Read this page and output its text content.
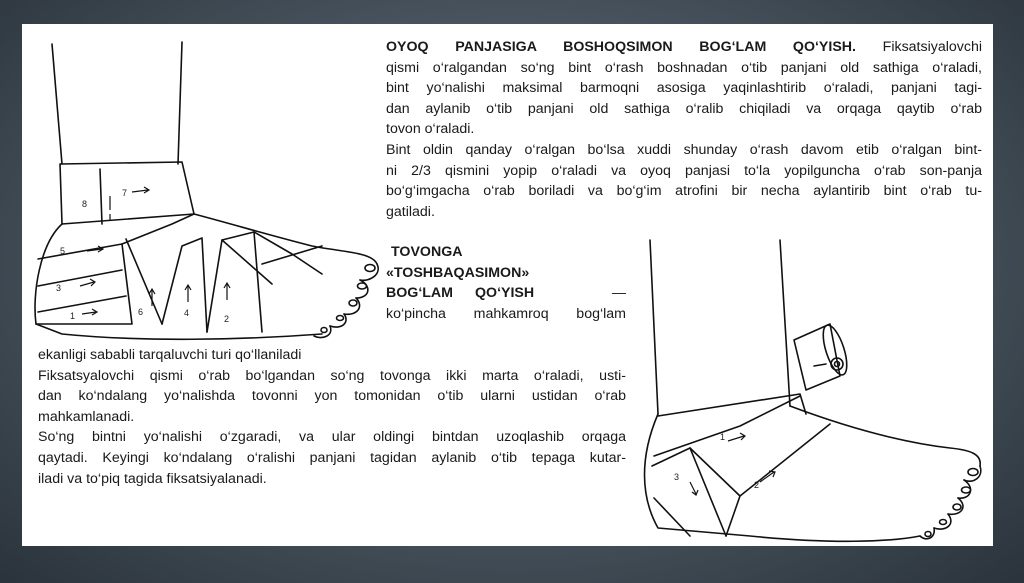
8
7
5
3
1	6	4
2
1
2
3
OYOQ PANJASIGA BOSHOQSIMON BOG‘LAM QO‘YISH. Fiksatsiyalovchi
qismi o‘ralgandan so‘ng bint o‘rash boshnadan o‘tib panjani old sathiga o‘raladi,
bint yo‘nalishi maksimal barmoqni asosiga yaqinlashtirib o‘raladi, panjani tagi-
dan aylanib o‘tib panjani old sathiga o‘ralib chiqiladi va orqaga qaytib o‘rab
tovon o‘raladi.
Bint oldin qanday o‘ralgan bo‘lsa xuddi shunday o‘rash davom etib o‘ralgan bint-
ni 2/3 qismini yopip o‘raladi va oyoq panjasi to‘la yopilguncha o‘rab son-panja
bo‘g‘imgacha o‘rab boriladi va bo‘g‘im atrofini bir necha aylantirib bint o‘rab tu-
gatiladi.
TOVONGA
«TOSHBAQASIMON»
BOG‘LAM QO‘YISH	—
ko‘pincha mahkamroq bog‘lam
ekanligi sababli tarqaluvchi turi qo‘llaniladi
Fiksatsyalovchi qismi o‘rab bo‘lgandan so‘ng tovonga ikki marta o‘raladi, usti-
dan ko‘ndalang yo‘nalishda tovonni yon tomonidan o‘tib ularni ustidan o‘rab
mahkamlanadi.
So‘ng bintni yo‘nalishi o‘zgaradi, va ular oldingi bintdan uzoqlashib orqaga
qaytadi. Keyingi ko‘ndalang o‘ralishi panjani tagidan aylanib o‘tib tepaga kutar-
iladi va to‘piq tagida fiksatsiyalanadi.
